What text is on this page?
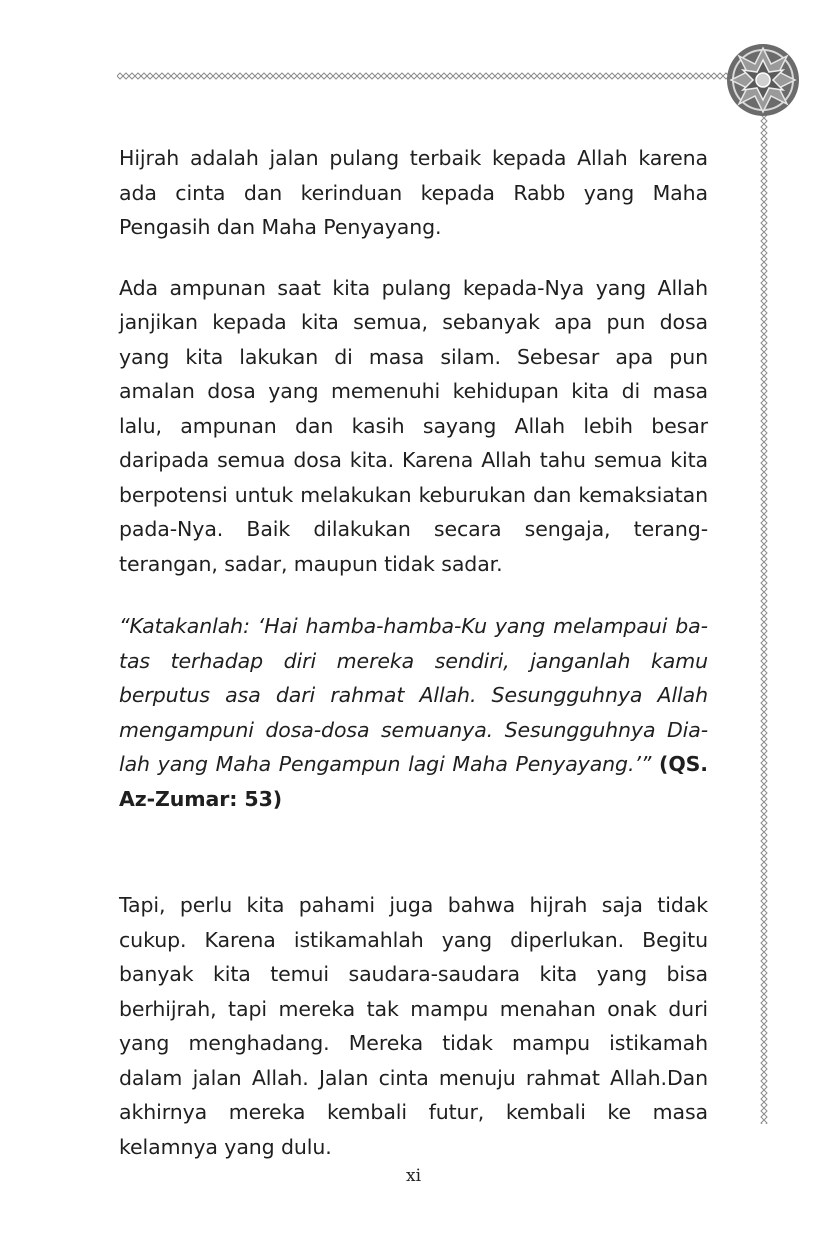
Hijrah adalah jalan pulang terbaik kepada Allah karena ada cinta dan kerinduan kepada Rabb yang Maha Pengasih dan Maha Penyayang.

Ada ampunan saat kita pulang kepada-Nya yang Allah janjikan kepada kita semua, sebanyak apa pun dosa yang kita lakukan di masa silam. Sebesar apa pun amalan dosa yang memenuhi kehidupan kita di masa lalu, ampunan dan kasih sayang Allah lebih besar daripada semua dosa kita. Karena Allah tahu semua kita berpotensi untuk melakukan keburukan dan kemaksiatan pada-Nya. Baik dilakukan secara sengaja, terang-terangan, sadar, maupun tidak sadar.

“Katakanlah: ‘Hai hamba-hamba-Ku yang melampaui batas terhadap diri mereka sendiri, janganlah kamu berputus asa dari rahmat Allah. Sesungguhnya Allah mengampuni dosa-dosa semuanya. Sesungguhnya Dia-lah yang Maha Pengampun lagi Maha Penyayang.’” (QS. Az-Zumar: 53)

Tapi, perlu kita pahami juga bahwa hijrah saja tidak cukup. Karena istikamahlah yang diperlukan. Begitu banyak kita temui saudara-saudara kita yang bisa berhijrah, tapi mereka tak mampu menahan onak duri yang menghadang. Mereka tidak mampu istikamah dalam jalan Allah. Jalan cinta menuju rahmat Allah.Dan akhirnya mereka kembali futur, kembali ke masa kelamnya yang dulu.

xi
